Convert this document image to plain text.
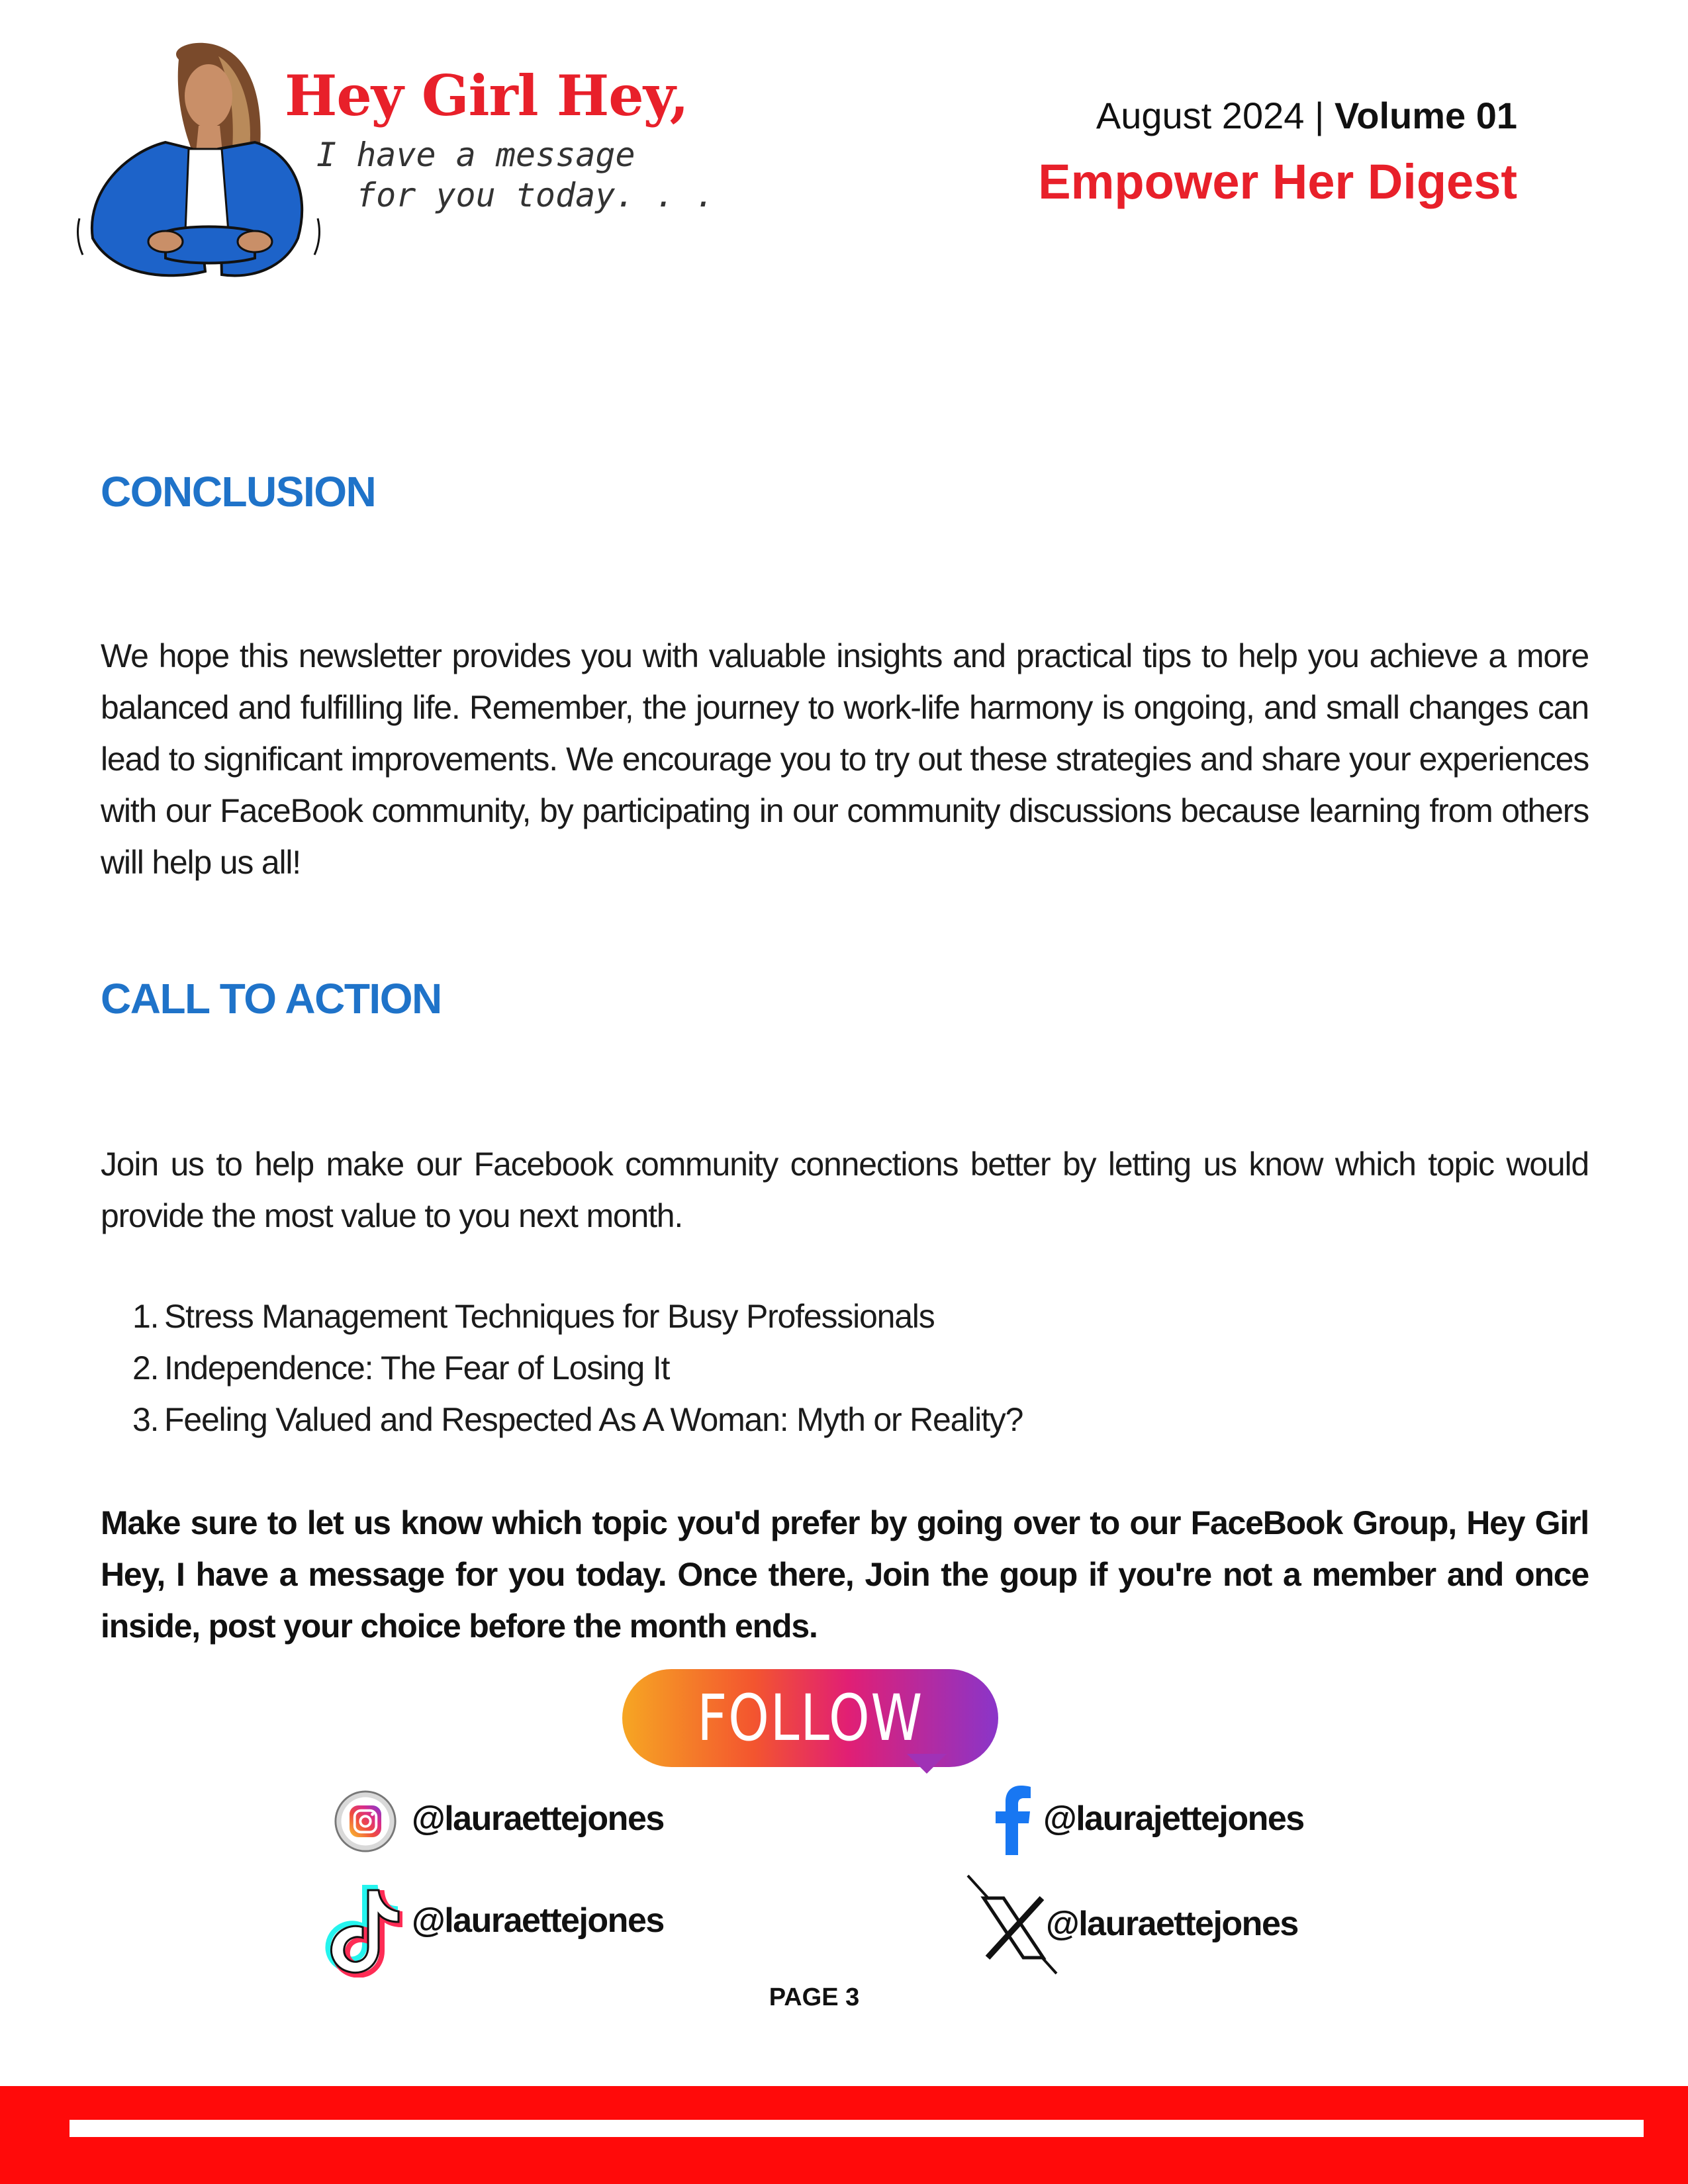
Hey Girl Hey,
I have a message
for you today. . .
August 2024 | Volume 01
Empower Her Digest
CONCLUSION
We hope this newsletter provides you with valuable insights and practical tips to help you achieve a more balanced and fulfilling life. Remember, the journey to work-life harmony is ongoing, and small changes can lead to significant improvements. We encourage you to try out these strategies and share your experiences with our FaceBook community, by participating in our community discussions because learning from others will help us all!
CALL TO ACTION
Join us to help make our Facebook community connections better by letting us know which topic would provide the most value to you next month.
1. Stress Management Techniques for Busy Professionals
2. Independence: The Fear of Losing It
3. Feeling Valued and Respected As A Woman: Myth or Reality?
Make sure to let us know which topic you'd prefer by going over to our FaceBook Group, Hey Girl Hey, I have a message for you today. Once there, Join the goup if you're not a member and once inside, post your choice before the month ends.
FOLLOW US
@lauraettejones	@laurajettejones
@lauraettejones	@lauraettejones
PAGE 3
